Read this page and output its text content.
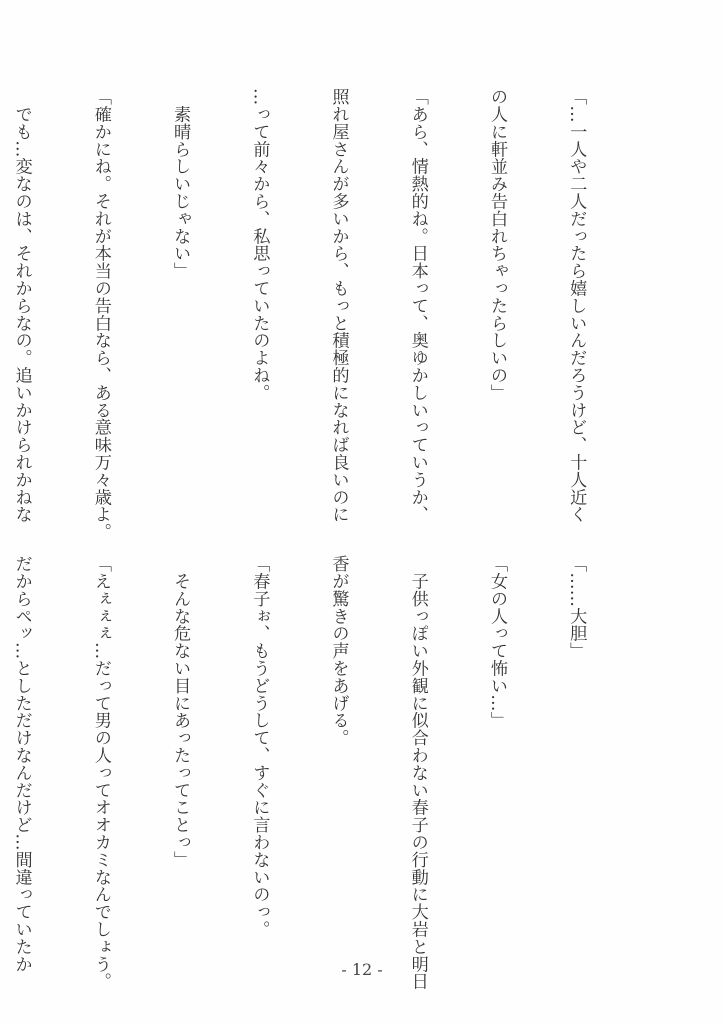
「…一人や二人だったら嬉しいんだろうけど、十人近く

の人に軒並み告白れちゃったらしいの」

「あら、情熱的ね。日本って、奥ゆかしいっていうか、

照れ屋さんが多いから、もっと積極的になれば良いのに

…って前々から、私思っていたのよね。

　素晴らしいじゃない」

「確かにね。それが本当の告白なら、ある意味万々歳よ。

　でも…変なのは、それからなの。追いかけられかねな

「……大胆」

「女の人って怖い…」

　子供っぽい外観に似合わない春子の行動に大岩と明日

香が驚きの声をあげる。

「春子ぉ、もうどうして、すぐに言わないのっ。

　そんな危ない目にあったってことっ」

「えぇぇぇ…だって男の人ってオオカミなんでしょう。

だからペッ…としただけなんだけど…間違っていたか

	- 12 -
